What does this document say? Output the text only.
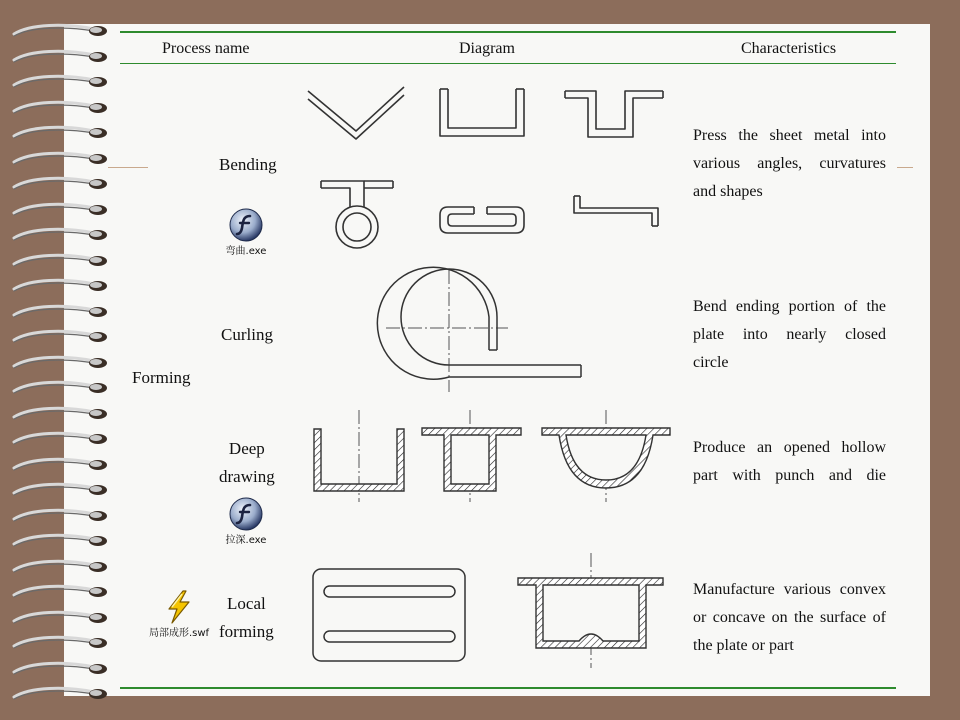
Process name	Diagram	Characteristics
Forming
Bending
Curling
Deep
drawing
Local
forming
弯曲.exe
拉深.exe
局部成形.swf
Press the sheet metal into
various angles, curvatures
and shapes
Bend ending portion of the
plate into nearly closed
circle
Produce an opened hollow
part with punch and die
Manufacture various convex
or concave on the surface of
the plate or part
